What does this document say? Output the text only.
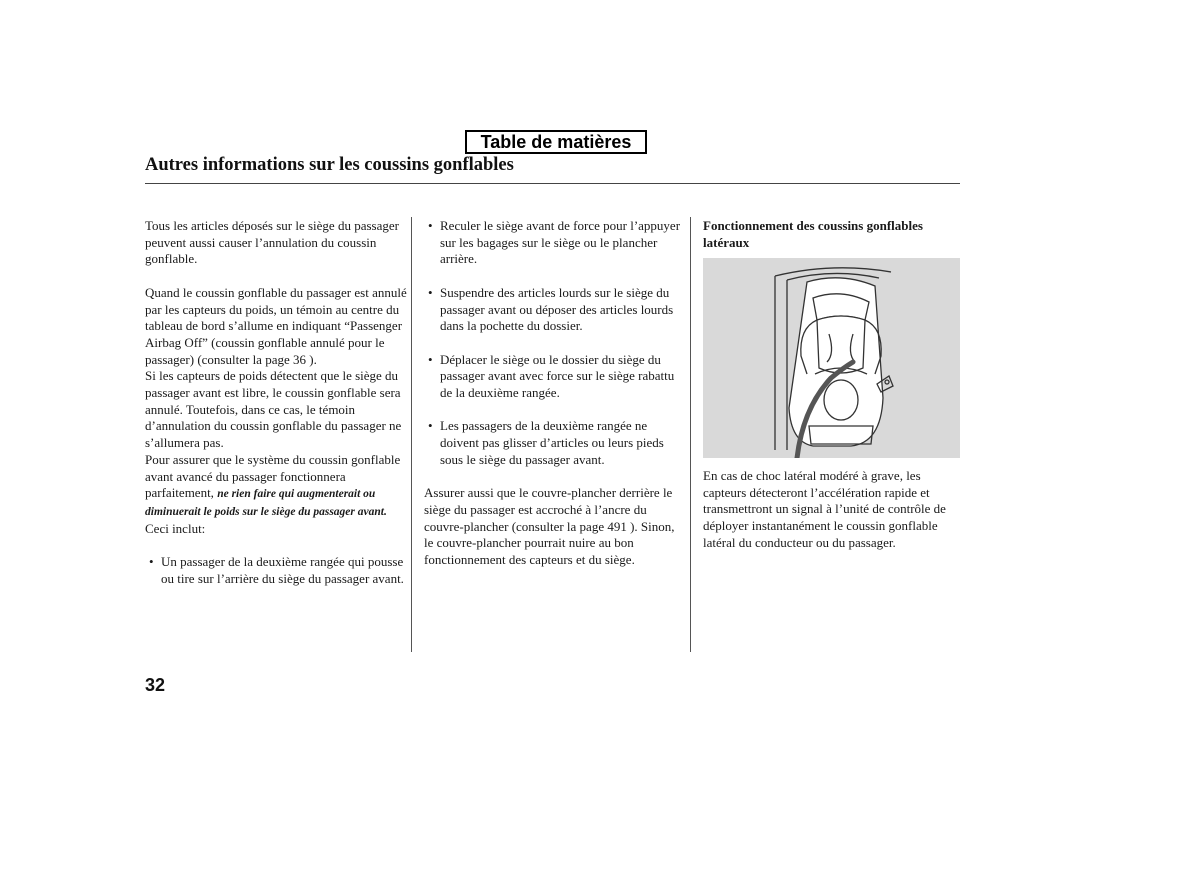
Table de matières
Autres informations sur les coussins gonflables

Tous les articles déposés sur le siège du passager peuvent aussi causer l’annulation du coussin gonflable.

Quand le coussin gonflable du passager est annulé par les capteurs du poids, un témoin au centre du tableau de bord s’allume en indiquant “Passenger Airbag Off” (coussin gonflable annulé pour le passager) (consulter la page 36 ).

Si les capteurs de poids détectent que le siège du passager avant est libre, le coussin gonflable sera annulé. Toutefois, dans ce cas, le témoin d’annulation du coussin gonflable du passager ne s’allumera pas.

Pour assurer que le système du coussin gonflable avant avancé du passager fonctionnera parfaitement, ne rien faire qui augmenterait ou diminuerait le poids sur le siège du passager avant. Ceci inclut:

• Un passager de la deuxième rangée qui pousse ou tire sur l’arrière du siège du passager avant.
• Reculer le siège avant de force pour l’appuyer sur les bagages sur le siège ou le plancher arrière.
• Suspendre des articles lourds sur le siège du passager avant ou déposer des articles lourds dans la pochette du dossier.
• Déplacer le siège ou le dossier du siège du passager avant avec force sur le siège rabattu de la deuxième rangée.
• Les passagers de la deuxième rangée ne doivent pas glisser d’articles ou leurs pieds sous le siège du passager avant.

Assurer aussi que le couvre-plancher derrière le siège du passager est accroché à l’ancre du couvre-plancher (consulter la page 491 ). Sinon, le couvre-plancher pourrait nuire au bon fonctionnement des capteurs et du siège.

Fonctionnement des coussins gonflables latéraux

En cas de choc latéral modéré à grave, les capteurs détecteront l’accélération rapide et transmettront un signal à l’unité de contrôle de déployer instantanément le coussin gonflable latéral du conducteur ou du passager.

32
